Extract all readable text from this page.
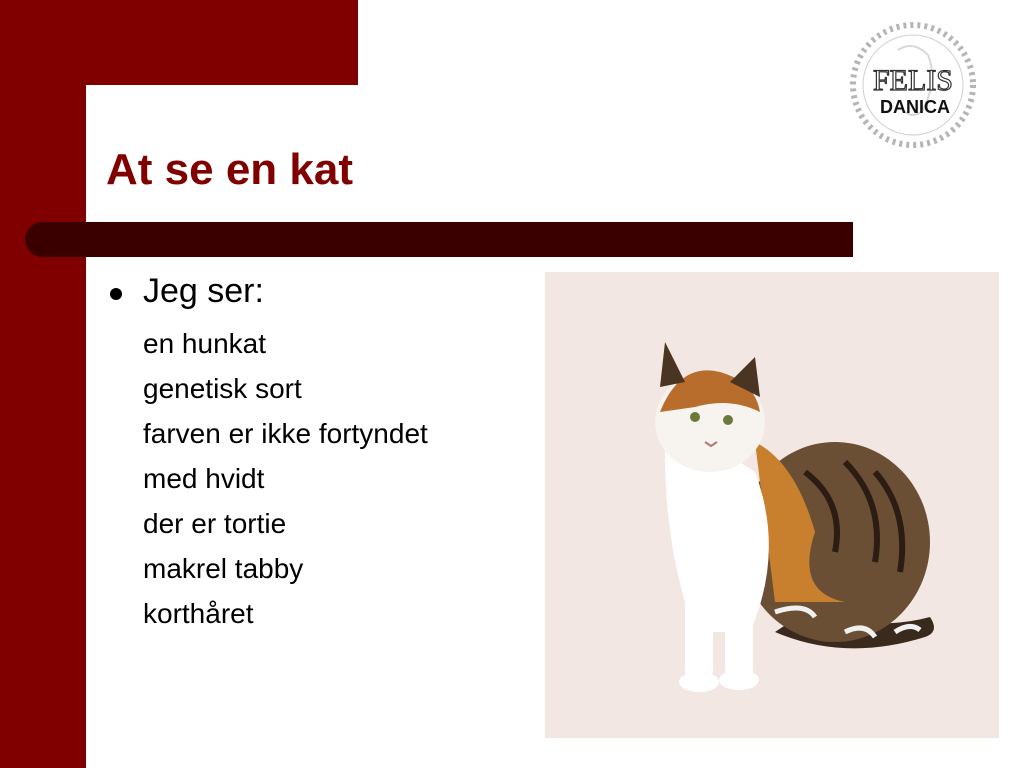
At se en kat
FELIS
DANICA
Jeg ser:
en hunkat
genetisk sort
farven er ikke fortyndet
med hvidt
der er tortie
makrel tabby
korthåret
